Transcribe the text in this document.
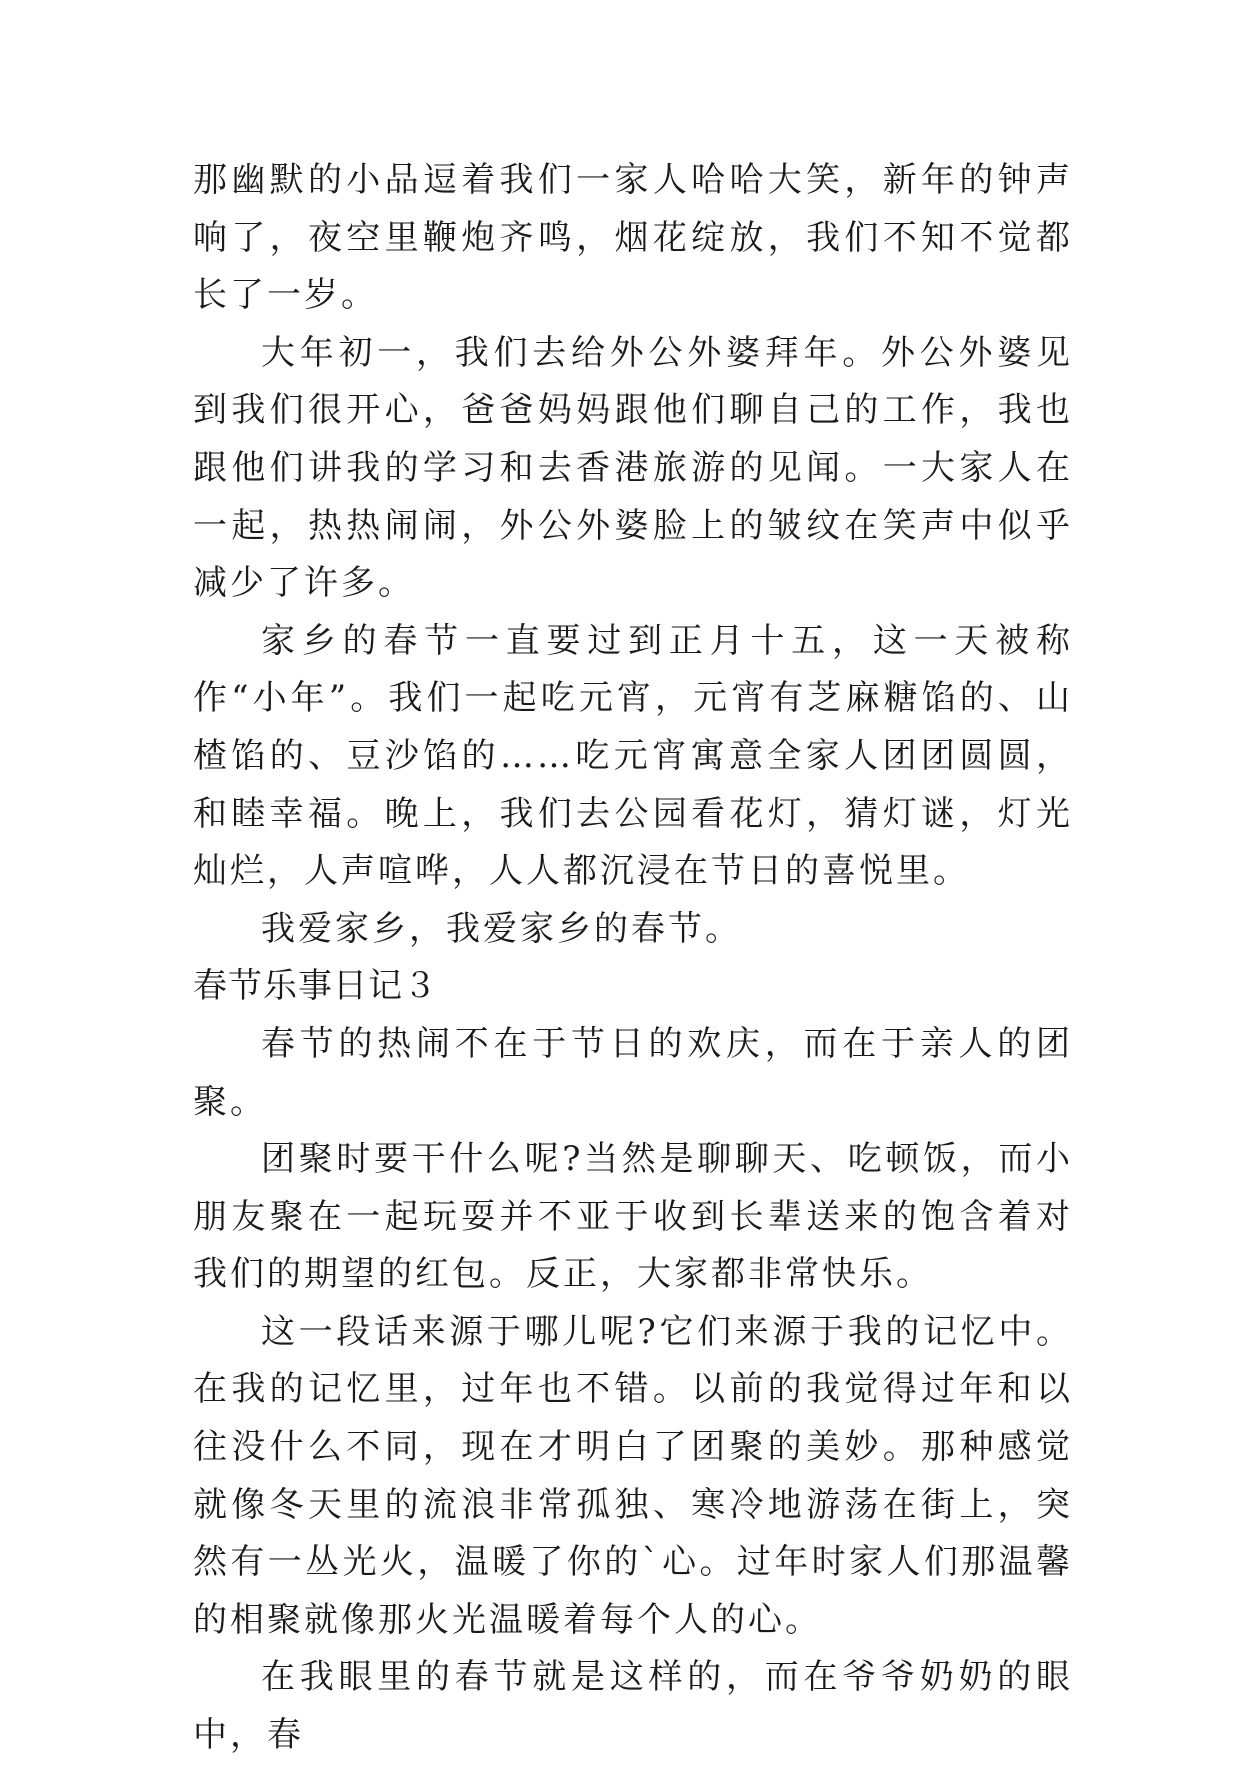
那幽默的小品逗着我们一家人哈哈大笑，新年的钟声响了，夜空里鞭炮齐鸣，烟花绽放，我们不知不觉都长了一岁。

大年初一，我们去给外公外婆拜年。外公外婆见到我们很开心，爸爸妈妈跟他们聊自己的工作，我也跟他们讲我的学习和去香港旅游的见闻。一大家人在一起，热热闹闹，外公外婆脸上的皱纹在笑声中似乎减少了许多。

家乡的春节一直要过到正月十五，这一天被称作“小年”。我们一起吃元宵，元宵有芝麻糖馅的、山楂馅的、豆沙馅的……吃元宵寓意全家人团团圆圆，和睦幸福。晚上，我们去公园看花灯，猜灯谜，灯光灿烂，人声喧哗，人人都沉浸在节日的喜悦里。

我爱家乡，我爱家乡的春节。

春节乐事日记３

春节的热闹不在于节日的欢庆，而在于亲人的团聚。

团聚时要干什么呢?当然是聊聊天、吃顿饭，而小朋友聚在一起玩耍并不亚于收到长辈送来的饱含着对我们的期望的红包。反正，大家都非常快乐。

这一段话来源于哪儿呢?它们来源于我的记忆中。在我的记忆里，过年也不错。以前的我觉得过年和以往没什么不同，现在才明白了团聚的美妙。那种感觉就像冬天里的流浪非常孤独、寒冷地游荡在街上，突然有一丛光火，温暖了你的`心。过年时家人们那温馨的相聚就像那火光温暖着每个人的心。

在我眼里的春节就是这样的，而在爷爷奶奶的眼中，春
